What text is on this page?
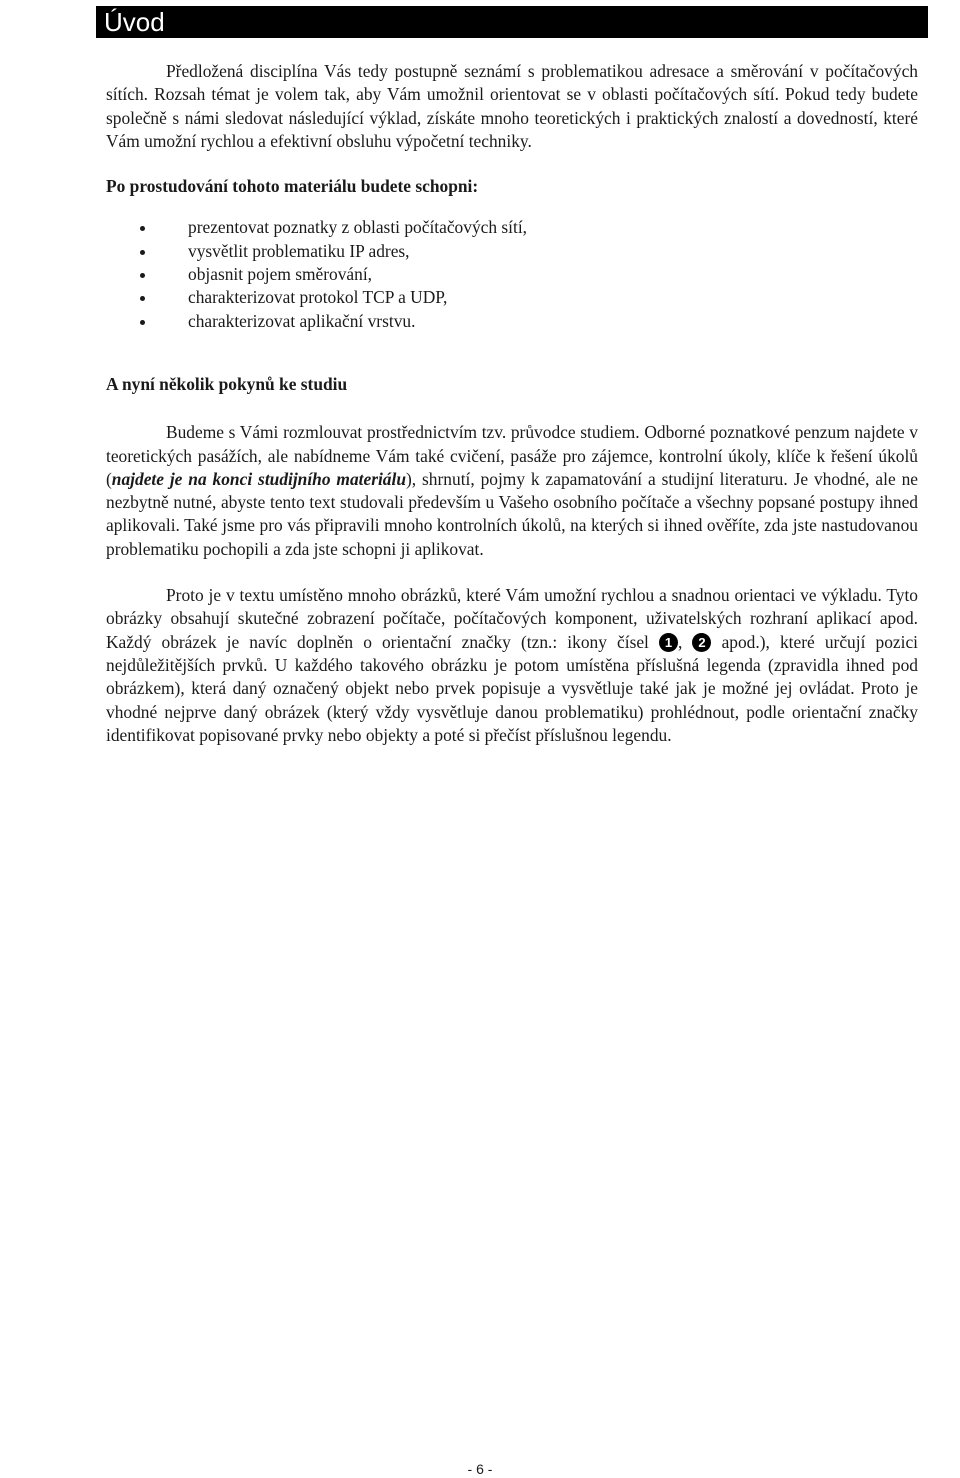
Úvod

Předložená disciplína Vás tedy postupně seznámí s problematikou adresace a směrování v počítačových sítích. Rozsah témat je volem tak, aby Vám umožnil orientovat se v oblasti počítačových sítí. Pokud tedy budete společně s námi sledovat následující výklad, získáte mnoho teoretických i praktických znalostí a dovedností, které Vám umožní rychlou a efektivní obsluhu výpočetní techniky.

Po prostudování tohoto materiálu budete schopni:

prezentovat poznatky z oblasti počítačových sítí,
vysvětlit problematiku IP adres,
objasnit pojem směrování,
charakterizovat protokol TCP a UDP,
charakterizovat aplikační vrstvu.

A nyní několik pokynů ke studiu

Budeme s Vámi rozmlouvat prostřednictvím tzv. průvodce studiem. Odborné poznatkové penzum najdete v teoretických pasážích, ale nabídneme Vám také cvičení, pasáže pro zájemce, kontrolní úkoly, klíče k řešení úkolů (najdete je na konci studijního materiálu), shrnutí, pojmy k zapamatování a studijní literaturu. Je vhodné, ale ne nezbytně nutné, abyste tento text studovali především u Vašeho osobního počítače a všechny popsané postupy ihned aplikovali. Také jsme pro vás připravili mnoho kontrolních úkolů, na kterých si ihned ověříte, zda jste nastudovanou problematiku pochopili a zda jste schopni ji aplikovat.

Proto je v textu umístěno mnoho obrázků, které Vám umožní rychlou a snadnou orientaci ve výkladu. Tyto obrázky obsahují skutečné zobrazení počítače, počítačových komponent, uživatelských rozhraní aplikací apod. Každý obrázek je navíc doplněn o orientační značky (tzn.: ikony čísel 1 , 2 apod.), které určují pozici nejdůležitějších prvků. U každého takového obrázku je potom umístěna příslušná legenda (zpravidla ihned pod obrázkem), která daný označený objekt nebo prvek popisuje a vysvětluje také jak je možné jej ovládat. Proto je vhodné nejprve daný obrázek (který vždy vysvětluje danou problematiku) prohlédnout, podle orientační značky identifikovat popisované prvky nebo objekty a poté si přečíst příslušnou legendu.

- 6 -
